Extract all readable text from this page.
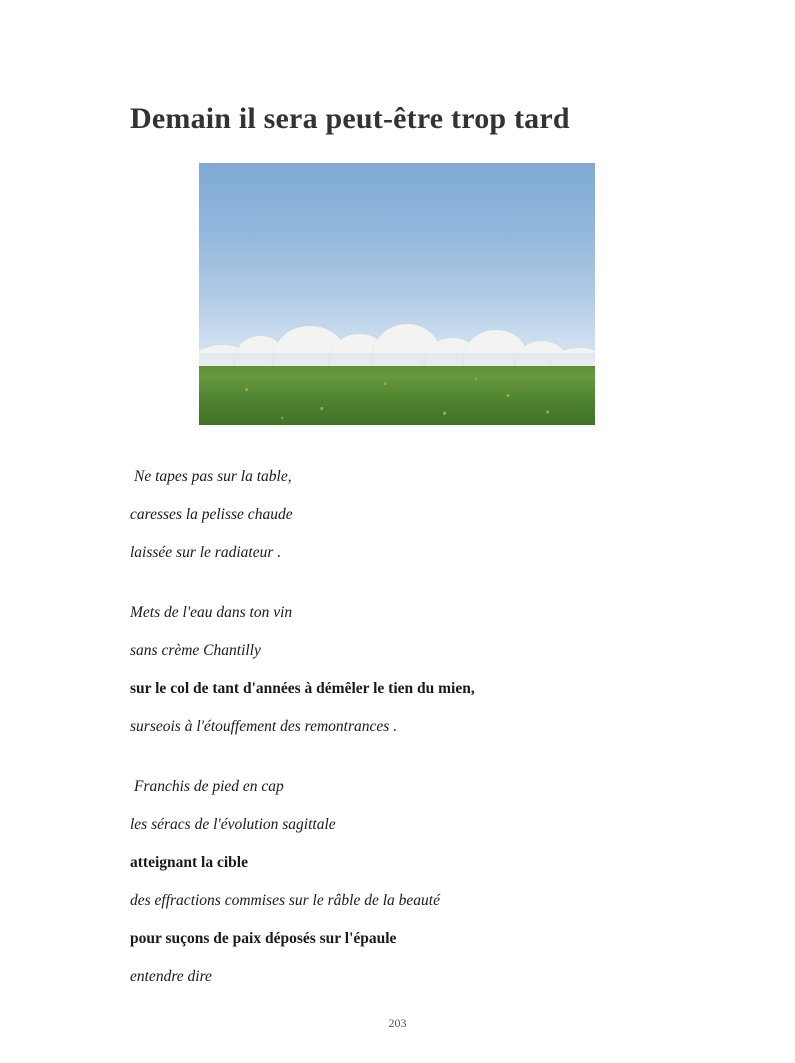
Demain il sera peut-être trop tard
Ne tapes pas sur la table,
caresses la pelisse chaude
laissée sur le radiateur .
Mets de l'eau dans ton vin
sans crème Chantilly
sur le col de tant d'années à démêler le tien du mien,
surseois à l'étouffement des remontrances .
Franchis de pied en cap
les séracs de l'évolution sagittale
atteignant la cible
des effractions commises sur le râble de la beauté
pour suçons de paix déposés sur l'épaule
entendre dire
203
